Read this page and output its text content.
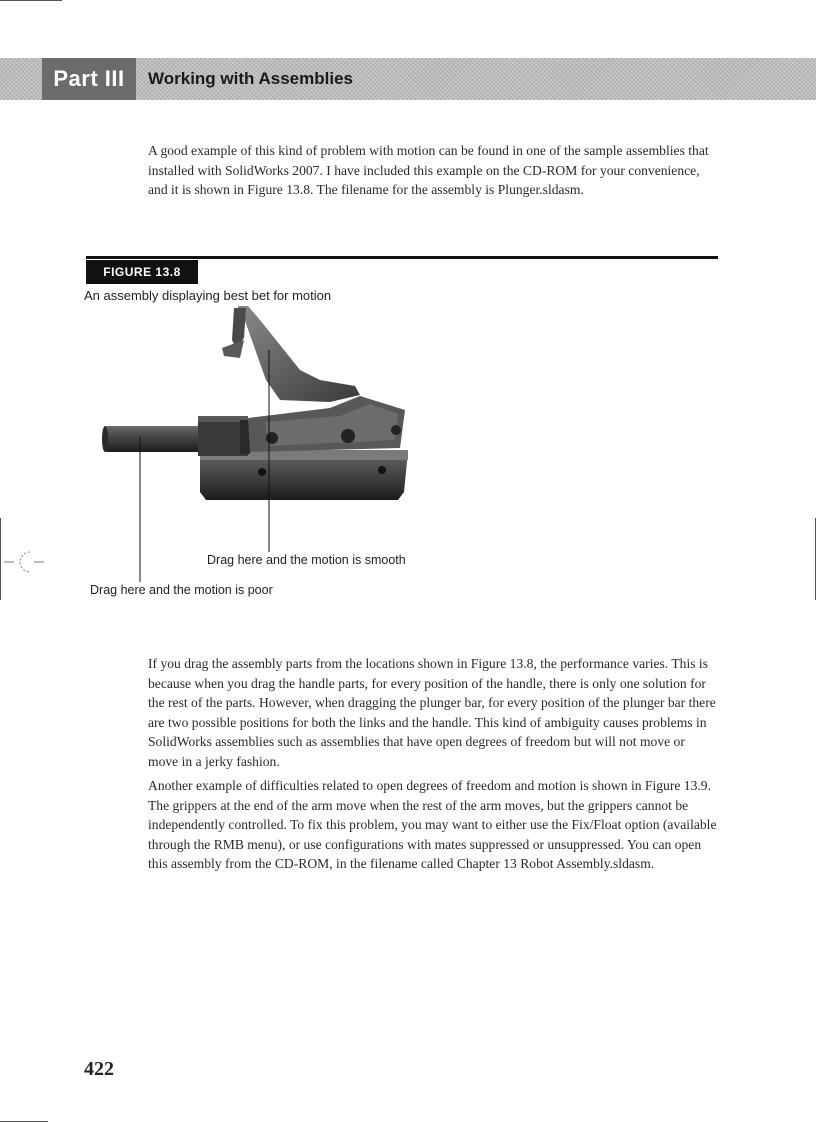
Part III	Working with Assemblies

A good example of this kind of problem with motion can be found in one of the sample assemblies that installed with SolidWorks 2007. I have included this example on the CD-ROM for your convenience, and it is shown in Figure 13.8. The filename for the assembly is Plunger.sldasm.

FIGURE 13.8
An assembly displaying best bet for motion
Drag here and the motion is smooth
Drag here and the motion is poor

If you drag the assembly parts from the locations shown in Figure 13.8, the performance varies. This is because when you drag the handle parts, for every position of the handle, there is only one solution for the rest of the parts. However, when dragging the plunger bar, for every position of the plunger bar there are two possible positions for both the links and the handle. This kind of ambiguity causes problems in SolidWorks assemblies such as assemblies that have open degrees of freedom but will not move or move in a jerky fashion.

Another example of difficulties related to open degrees of freedom and motion is shown in Figure 13.9. The grippers at the end of the arm move when the rest of the arm moves, but the grippers cannot be independently controlled. To fix this problem, you may want to either use the Fix/Float option (available through the RMB menu), or use configurations with mates suppressed or unsuppressed. You can open this assembly from the CD-ROM, in the filename called Chapter 13 Robot Assembly.sldasm.

422
